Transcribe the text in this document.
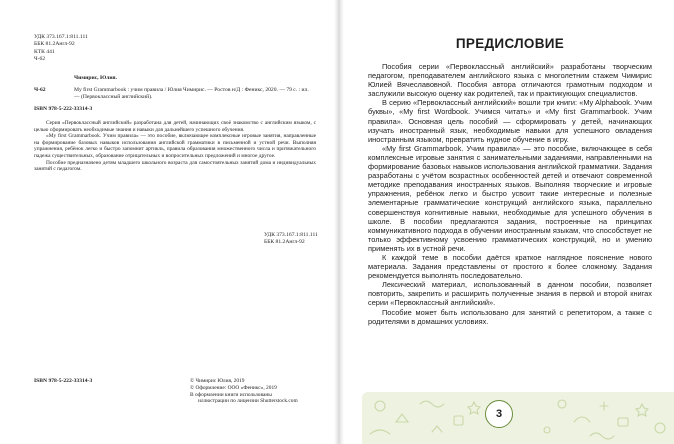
УДК 373.167.1:811.111
ББК 81.2Англ-92
КТК 441
Ч-62
Чимирис, Юлия.
Ч-62	My first Grammarbook : учим правила / Юлия Чимирис. — Ростов н/Д : Феникс, 2020. — 79 с. : ил. — (Первоклассный английский).
ISBN 978-5-222-33314-3

Серия «Первоклассный английский» разработана для детей, начинающих своё знакомство с английским языком, с целью сформировать необходимые знания и навыки для дальнейшего успешного обучения.

«My first Grammarbook. Учим правила» — это пособие, включающее комплексные игровые занятия, направленные на формирование базовых навыков использования английской грамматики в письменной и устной речи. Выполняя упражнения, ребёнок легко и быстро запомнит артикль, правила образования множественного числа и притяжательного падежа существительных, образование отрицательных и вопросительных предложений и многое другое.

Пособие предназначено детям младшего школьного возраста для самостоятельных занятий дома и индивидуальных занятий с педагогом.

УДК 373.167.1:811.111
ББК 81.2Англ-92
ISBN 978-5-222-33314-3	© Чимирис Юлия, 2019
© Оформление: ООО «Феникс», 2019
В оформлении книги использованы
иллюстрации по лицензии Shutterstock.com
ПРЕДИСЛОВИЕ

Пособия серии «Первоклассный английский» разработаны творческим педагогом, преподавателем английского языка с многолетним стажем Чимирис Юлией Вячеславовной. Пособия автора отличаются грамотным подходом и заслужили высокую оценку как родителей, так и практикующих специалистов.

В серию «Первоклассный английский» вошли три книги: «My Alphabook. Учим буквы», «My first Wordbook. Учимся читать» и «My first Grammarbook. Учим правила». Основная цель пособий — сформировать у детей, начинающих изучать иностранный язык, необходимые навыки для успешного овладения иностранным языком, превратить нудное обучение в игру.

«My first Grammarbook. Учим правила» — это пособие, включающее в себя комплексные игровые занятия с занимательными заданиями, направленными на формирование базовых навыков использования английской грамматики. Задания разработаны с учётом возрастных особенностей детей и отвечают современной методике преподавания иностранных языков. Выполняя творческие и игровые упражнения, ребёнок легко и быстро усвоит такие интересные и полезные элементарные грамматические конструкций английского языка, параллельно совершенствуя когнитивные навыки, необходимые для успешного обучения в школе. В пособии предлагаются задания, построенные на принципах коммуникативного подхода в обучении иностранным языкам, что способствует не только эффективному усвоению грамматических конструкций, но и умению применять их в устной речи.

К каждой теме в пособии даётся краткое наглядное пояснение нового материала. Задания представлены от простого к более сложному. Задания рекомендуется выполнять последовательно.

Лексический материал, использованный в данном пособии, позволяет повторить, закрепить и расширить полученные знания в первой и второй книгах серии «Первоклассный английский».

Пособие может быть использовано для занятий с репетитором, а также с родителями в домашних условиях.

3
